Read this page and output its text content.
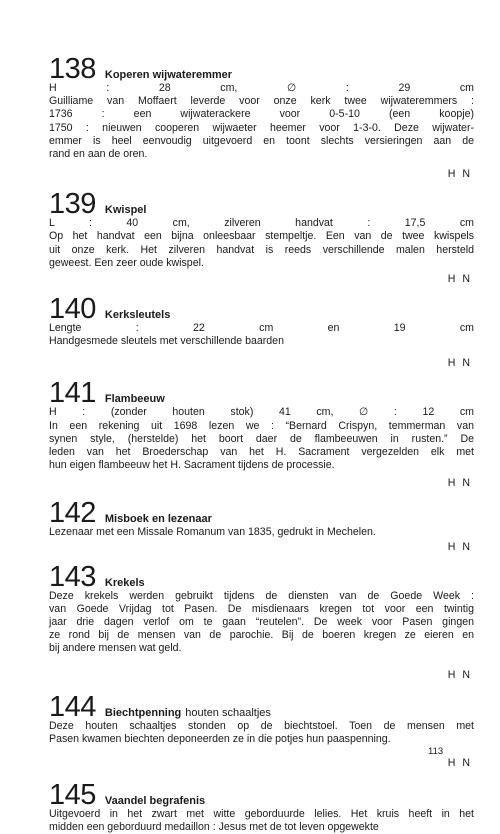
138 Koperen wijwateremmer
H : 28 cm, ∅ : 29 cm
Guilliame van Moffaert leverde voor onze kerk twee wijwateremmers :
1736 : een wijwaterackere voor 0-5-10 (een koopje)
1750 : nieuwen cooperen wijwaeter heemer voor 1-3-0. Deze wijwater-
emmer is heel eenvoudig uitgevoerd en toont slechts versieringen aan de
rand en aan de oren.
H N
139 Kwispel
L : 40 cm, zilveren handvat : 17,5 cm
Op het handvat een bijna onleesbaar stempeltje. Een van de twee kwispels
uit onze kerk. Het zilveren handvat is reeds verschillende malen hersteld
geweest. Een zeer oude kwispel.
H N
140 Kerksleutels
Lengte : 22 cm en 19 cm
Handgesmede sleutels met verschillende baarden
H N
141 Flambeeuw
H : (zonder houten stok) 41 cm, ∅ : 12 cm
In een rekening uit 1698 lezen we : “Bernard Crispyn, temmerman van
synen style, (herstelde) het boort daer de flambeeuwen in rusten.” De
leden van het Broederschap van het H. Sacrament vergezelden elk met
hun eigen flambeeuw het H. Sacrament tijdens de processie.
H N
142 Misboek en lezenaar
Lezenaar met een Missale Romanum van 1835, gedrukt in Mechelen.
H N
143 Krekels
Deze krekels werden gebruikt tijdens de diensten van de Goede Week :
van Goede Vrijdag tot Pasen. De misdienaars kregen tot voor een twintig
jaar drie dagen verlof om te gaan “reutelen”. De week voor Pasen gingen
ze rond bij de mensen van de parochie. Bij de boeren kregen ze eieren en
bij andere mensen wat geld.
H N
144 Biechtpenning houten schaaltjes
Deze houten schaaltjes stonden op de biechtstoel. Toen de mensen met
Pasen kwamen biechten deponeerden ze in die potjes hun paaspenning.
H N
145 Vaandel begrafenis
Uitgevoerd in het zwart met witte geborduurde lelies. Het kruis heeft in het
midden een geborduurd medaillon : Jesus met de tot leven opgewekte
113
